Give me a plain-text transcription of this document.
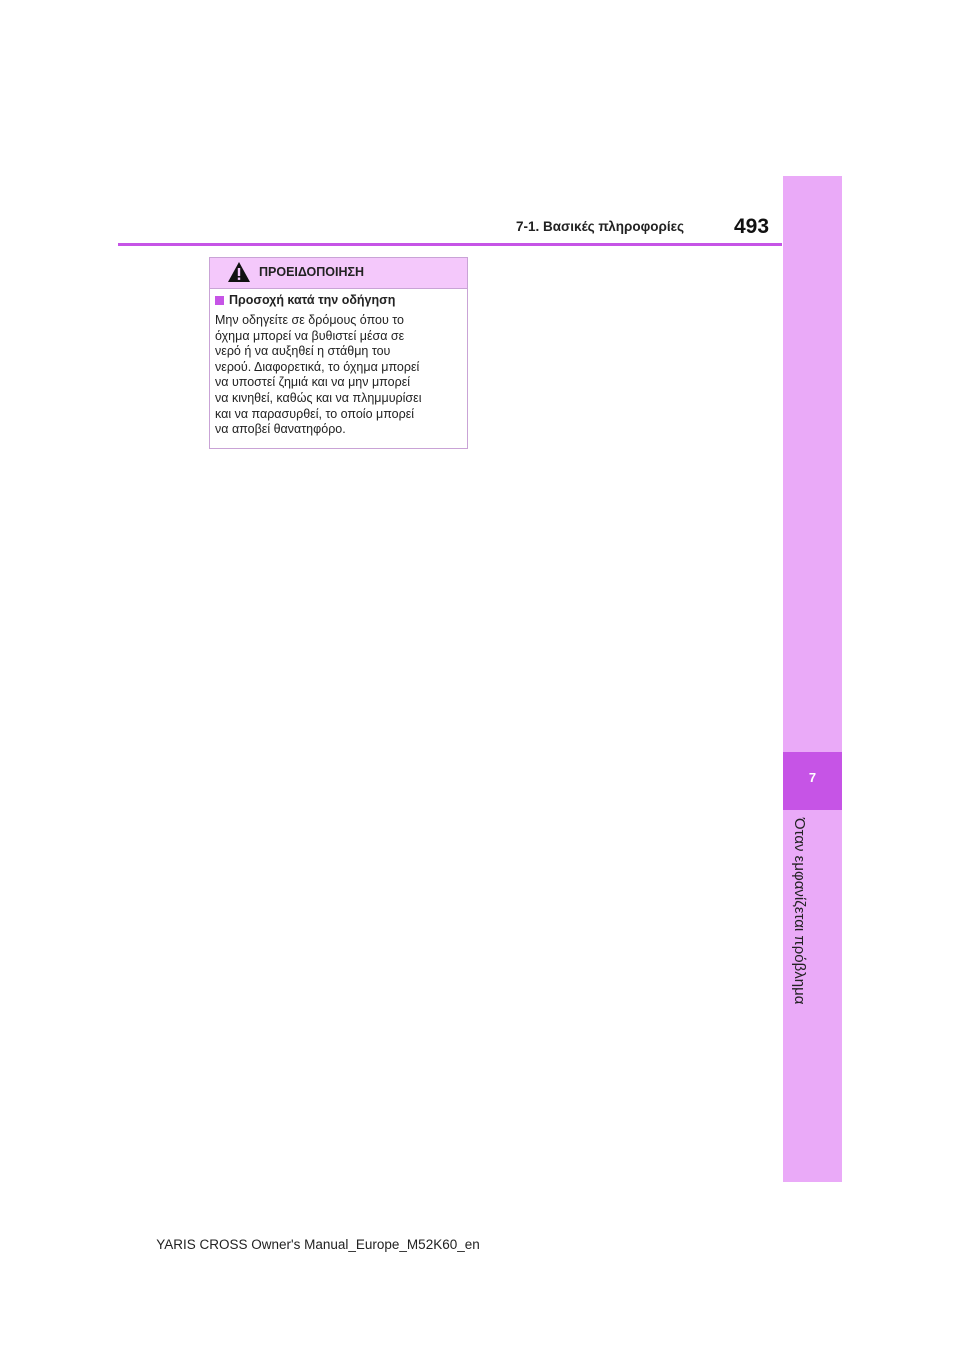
7
Όταν εμφανίζεται πρόβλημα
7-1. Βασικές πληροφορίες 493
ΠΡΟΕΙΔΟΠΟΙΗΣΗ
Προσοχή κατά την οδήγηση
Μην οδηγείτε σε δρόμους όπου το
όχημα μπορεί να βυθιστεί μέσα σε
νερό ή να αυξηθεί η στάθμη του
νερού. Διαφορετικά, το όχημα μπορεί
να υποστεί ζημιά και να μην μπορεί
να κινηθεί, καθώς και να πλημμυρίσει
και να παρασυρθεί, το οποίο μπορεί
να αποβεί θανατηφόρο.
YARIS CROSS Owner's Manual_Europe_M52K60_en
